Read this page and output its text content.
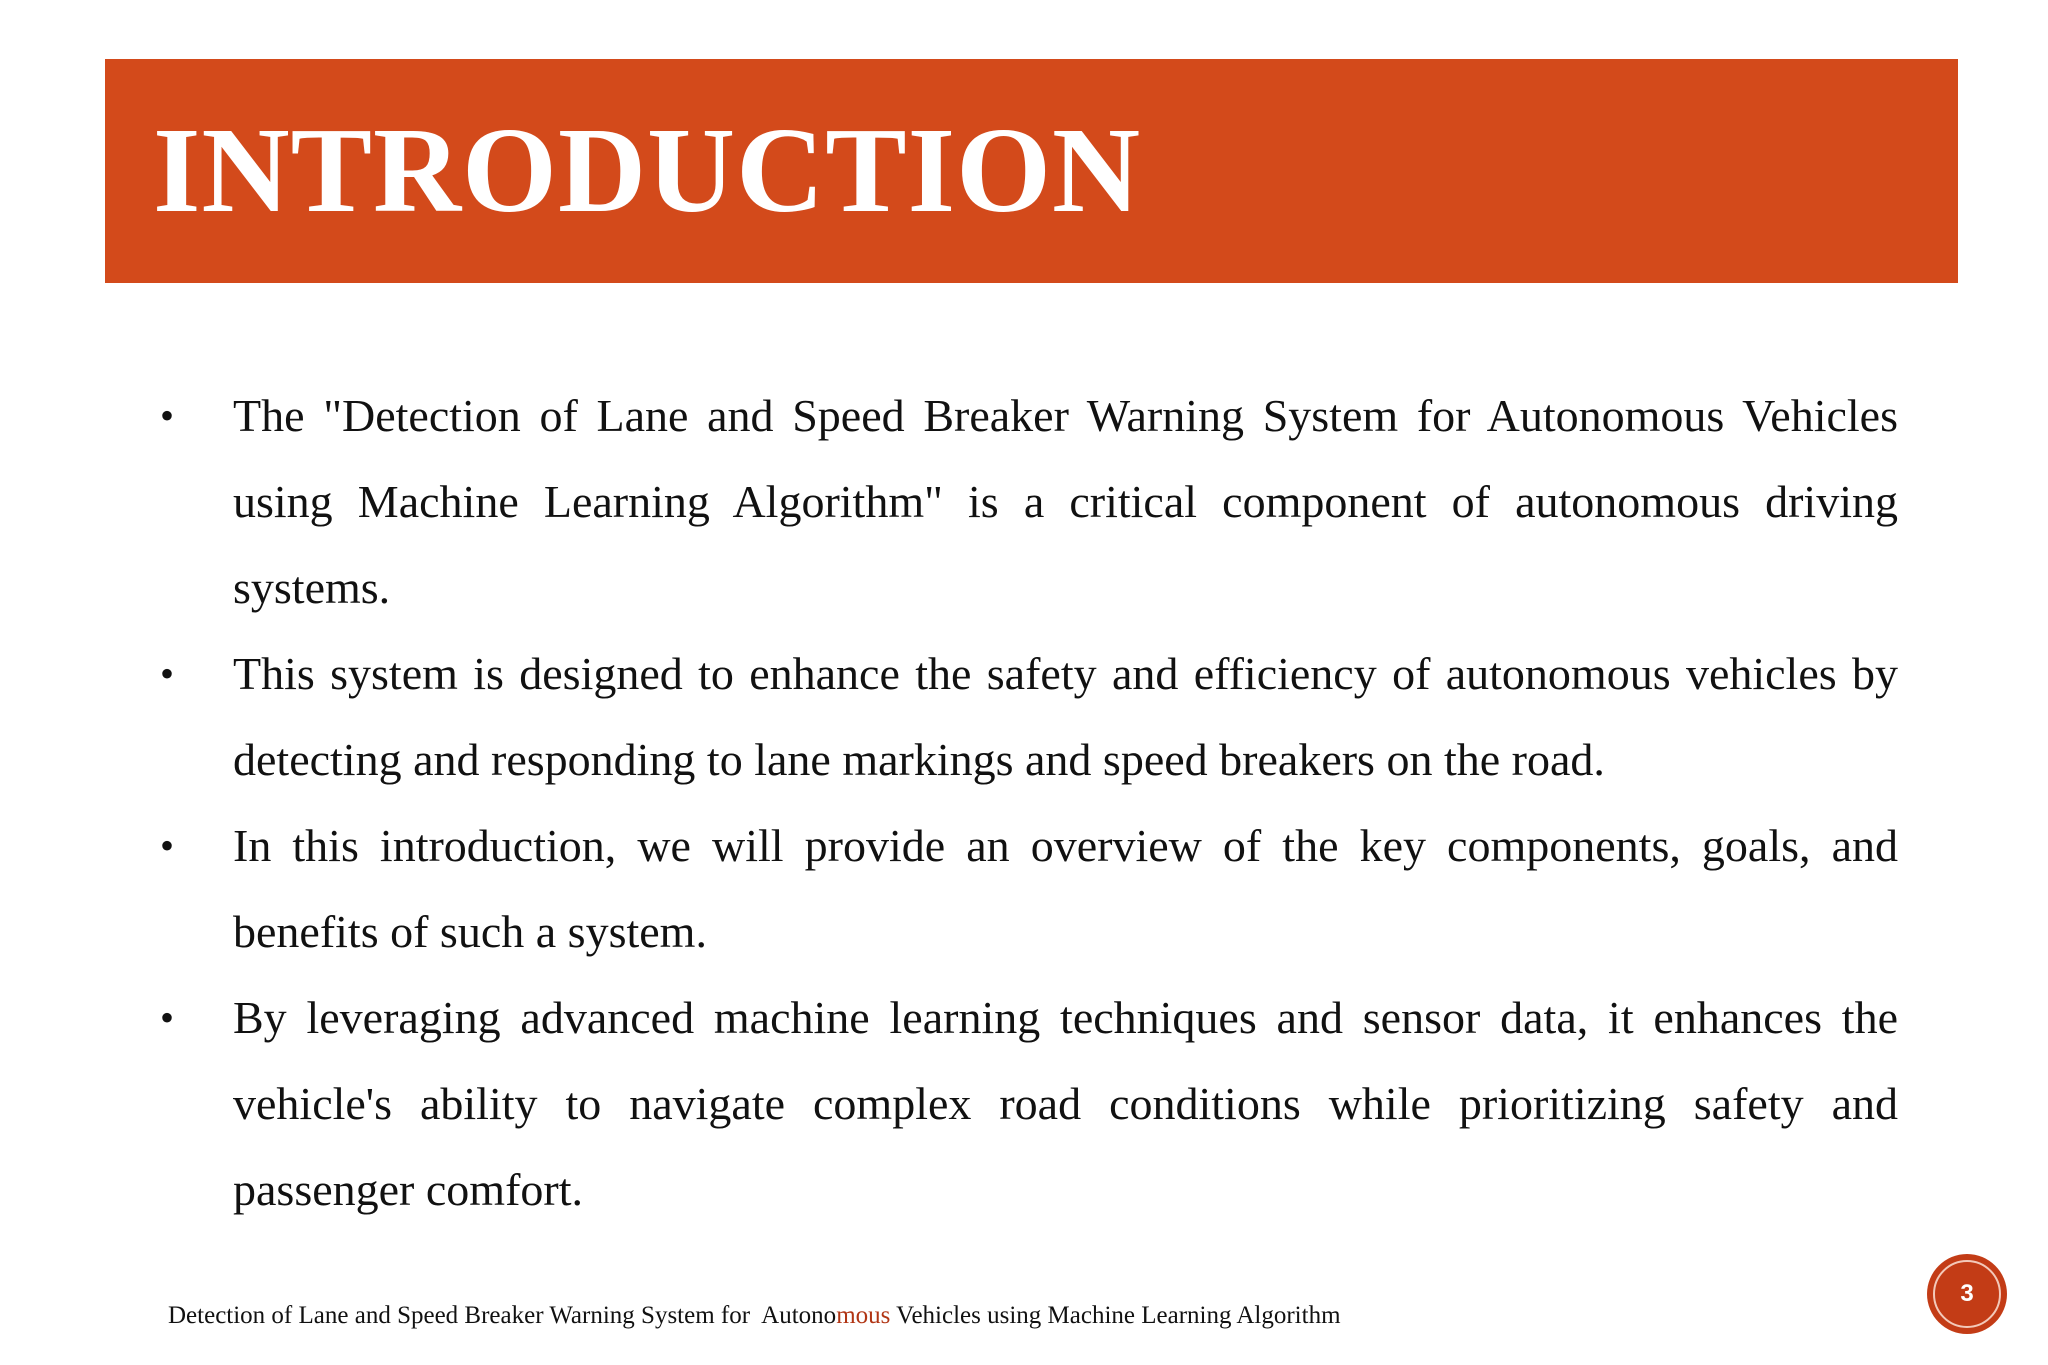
INTRODUCTION
• The "Detection of Lane and Speed Breaker Warning System for Autonomous Vehicles using Machine Learning Algorithm" is a critical component of autonomous driving systems.
• This system is designed to enhance the safety and efficiency of autonomous vehicles by detecting and responding to lane markings and speed breakers on the road.
• In this introduction, we will provide an overview of the key components, goals, and benefits of such a system.
• By leveraging advanced machine learning techniques and sensor data, it enhances the vehicle's ability to navigate complex road conditions while prioritizing safety and passenger comfort.
Detection of Lane and Speed Breaker Warning System for  Autonomous Vehicles using Machine Learning Algorithm
3
